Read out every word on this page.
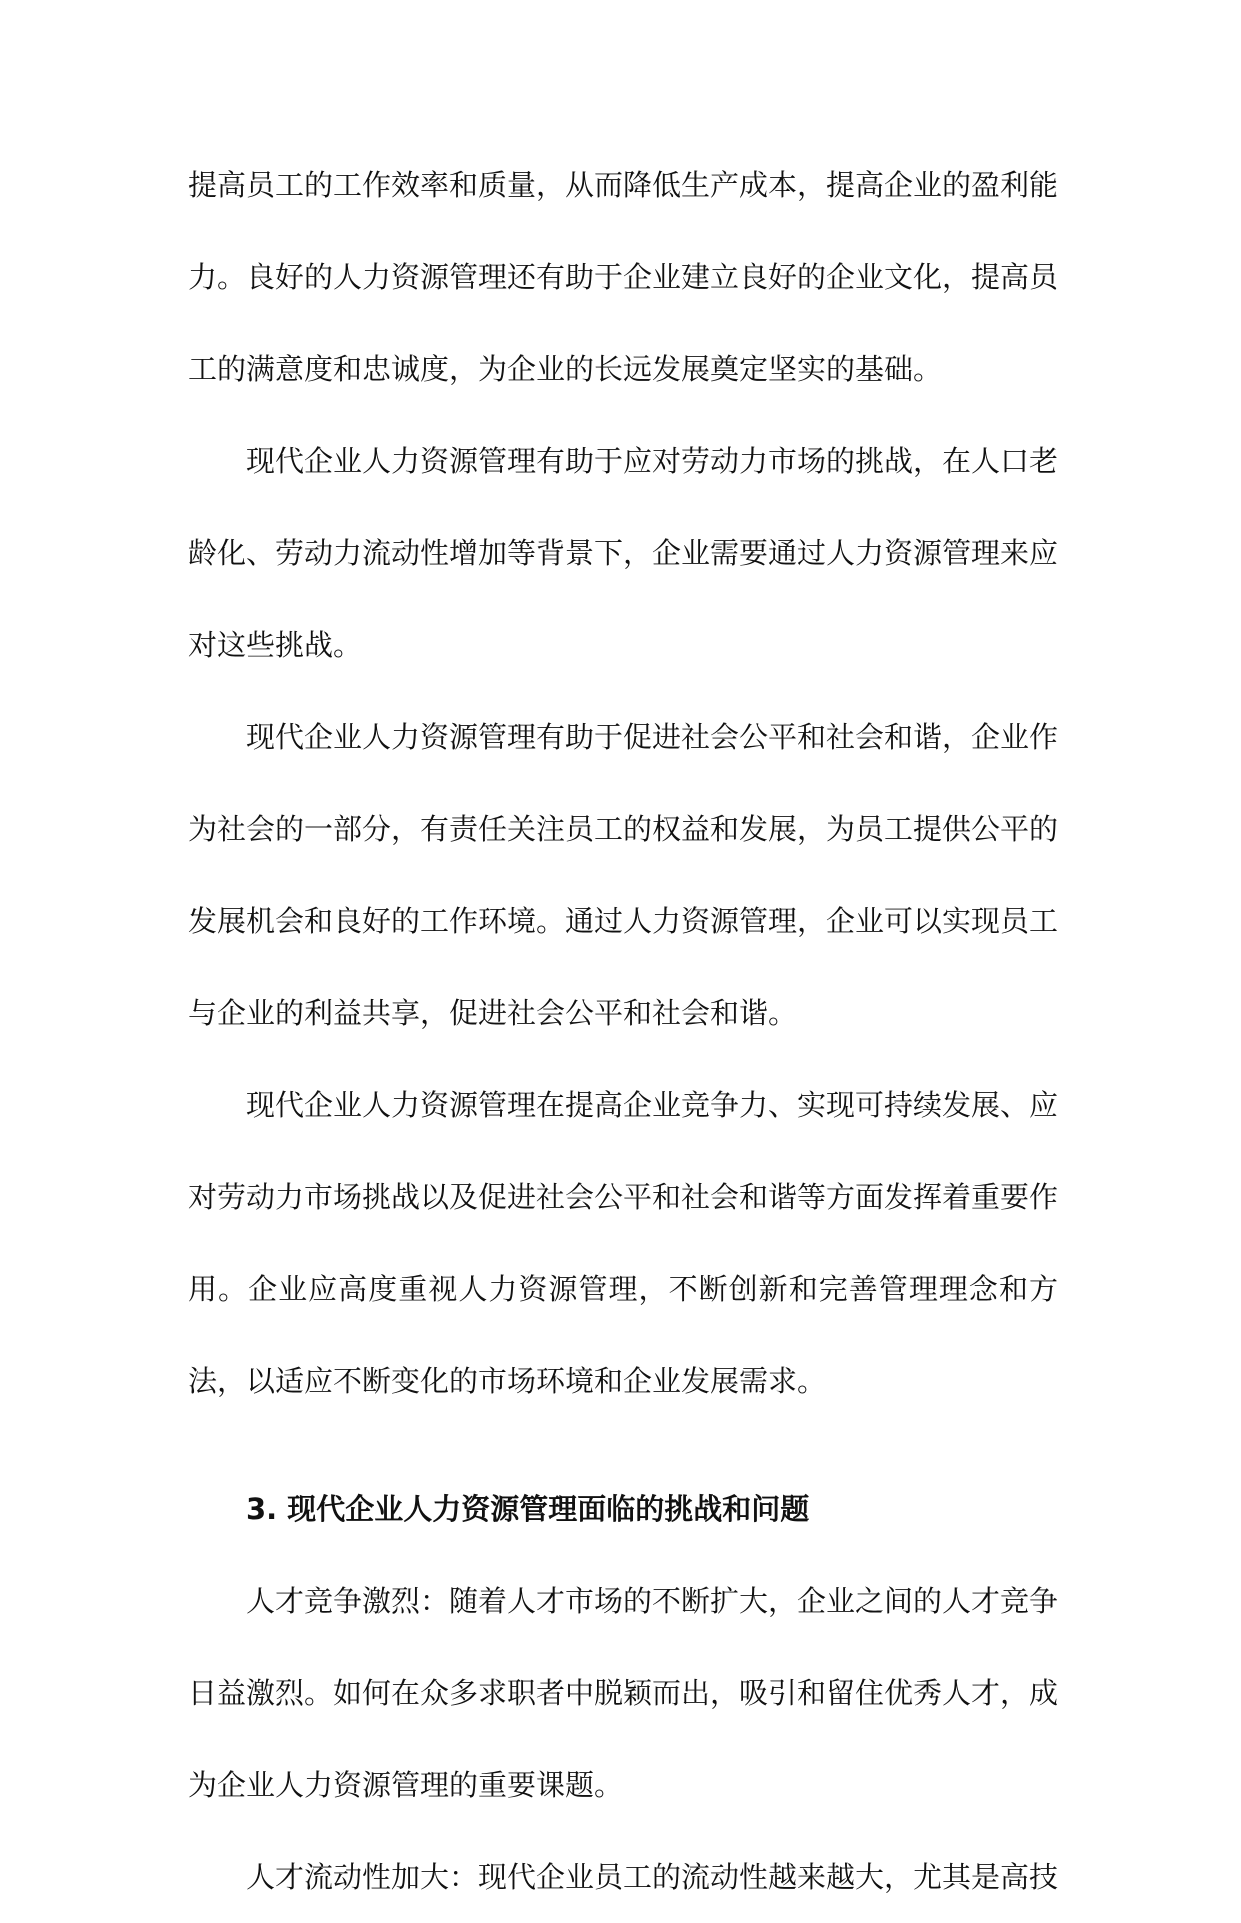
提高员工的工作效率和质量，从而降低生产成本，提高企业的盈利能力。良好的人力资源管理还有助于企业建立良好的企业文化，提高员工的满意度和忠诚度，为企业的长远发展奠定坚实的基础。

现代企业人力资源管理有助于应对劳动力市场的挑战，在人口老龄化、劳动力流动性增加等背景下，企业需要通过人力资源管理来应对这些挑战。

现代企业人力资源管理有助于促进社会公平和社会和谐，企业作为社会的一部分，有责任关注员工的权益和发展，为员工提供公平的发展机会和良好的工作环境。通过人力资源管理，企业可以实现员工与企业的利益共享，促进社会公平和社会和谐。

现代企业人力资源管理在提高企业竞争力、实现可持续发展、应对劳动力市场挑战以及促进社会公平和社会和谐等方面发挥着重要作用。企业应高度重视人力资源管理，不断创新和完善管理理念和方法，以适应不断变化的市场环境和企业发展需求。

3. 现代企业人力资源管理面临的挑战和问题

人才竞争激烈：随着人才市场的不断扩大，企业之间的人才竞争日益激烈。如何在众多求职者中脱颖而出，吸引和留住优秀人才，成为企业人力资源管理的重要课题。

人才流动性加大：现代企业员工的流动性越来越大，尤其是高技
